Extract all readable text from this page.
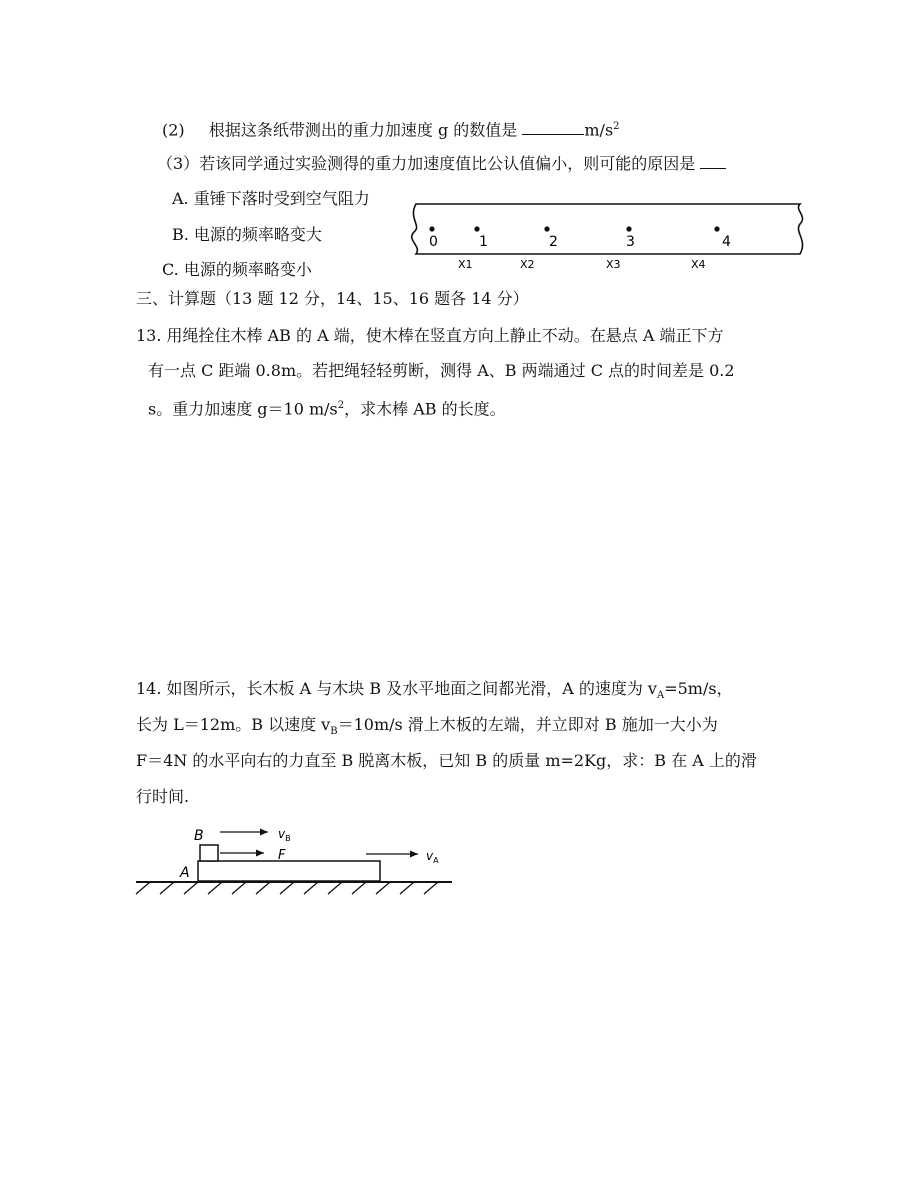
(2) 根据这条纸带测出的重力加速度 g 的数值是	$m/s^2$
（3）若该同学通过实验测得的重力加速度值比公认值偏小，则可能的原因是
A. 重锤下落时受到空气阻力
B. 电源的频率略变大
C. 电源的频率略变小
0	1	2	3	4
X1	X2	X3	X4
三、计算题（13 题 12 分，14、15、16 题各 14 分）
13. 用绳拴住木棒 AB 的 A 端，使木棒在竖直方向上静止不动。在悬点 A 端正下方
有一点 C 距端 0.8m。若把绳轻轻剪断，测得 A、B 两端通过 C 点的时间差是 0.2
s。重力加速度 g＝10 $m/s^2$，求木棒 AB 的长度。
14. 如图所示，长木板 A 与木块 B 及水平地面之间都光滑，A 的速度为 $v_A=5m/s$，
长为 L＝12m。B 以速度 $v_B=10m/s$ 滑上木板的左端，并立即对 B 施加一大小为
F＝4N 的水平向右的力直至 B 脱离木板，已知 B 的质量 m=2Kg，求：B 在 A 上的滑
行时间.
A
B	$v_B$
F	$v_A$
